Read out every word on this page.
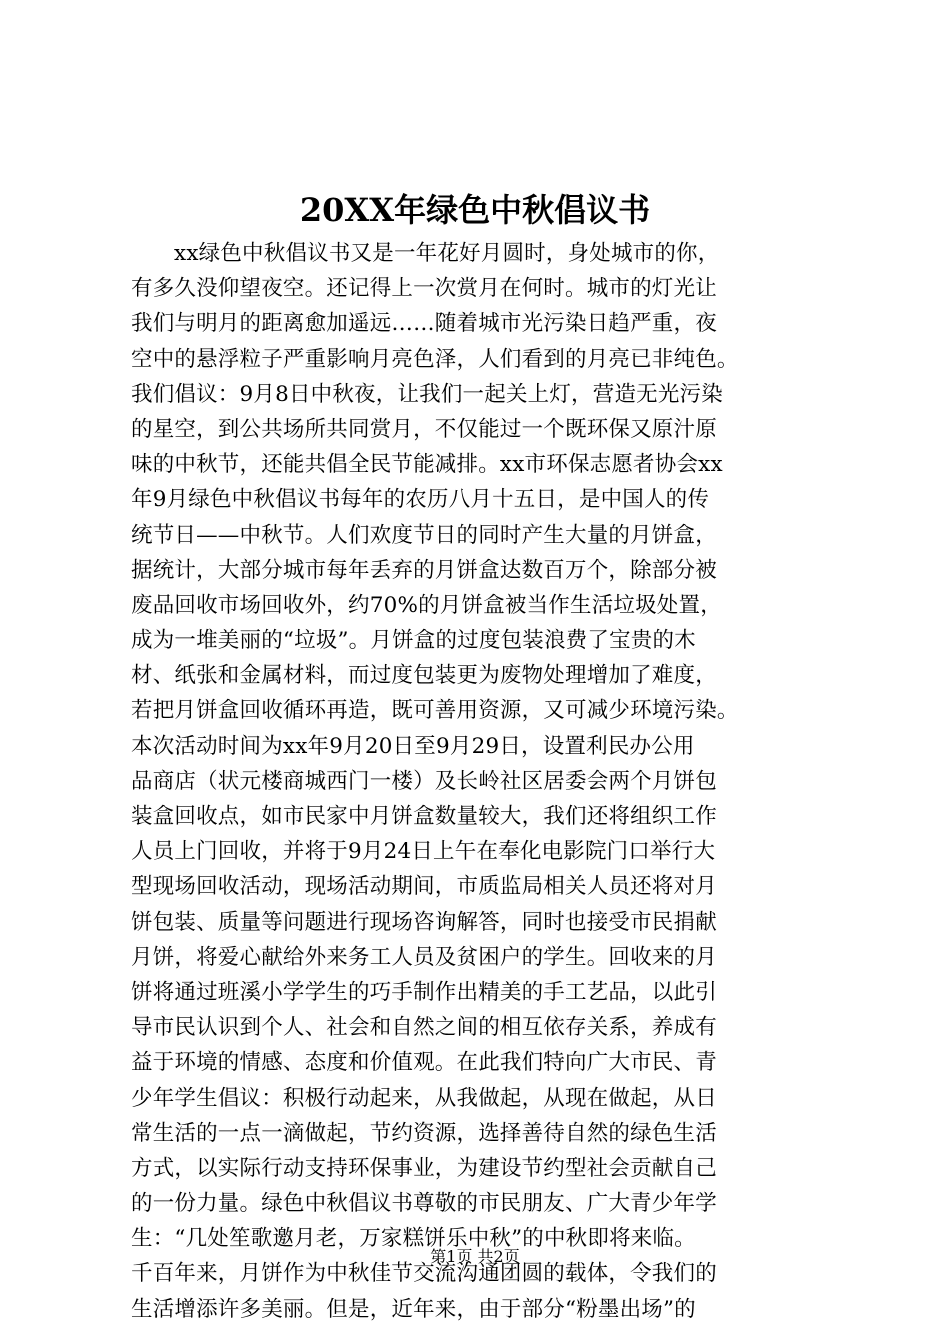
20XX年绿色中秋倡议书
xx绿色中秋倡议书又是一年花好月圆时，身处城市的你，
有多久没仰望夜空。还记得上一次赏月在何时。城市的灯光让
我们与明月的距离愈加遥远……随着城市光污染日趋严重，夜
空中的悬浮粒子严重影响月亮色泽，人们看到的月亮已非纯色。
我们倡议：9月8日中秋夜，让我们一起关上灯，营造无光污染
的星空，到公共场所共同赏月，不仅能过一个既环保又原汁原
味的中秋节，还能共倡全民节能减排。xx市环保志愿者协会xx
年9月绿色中秋倡议书每年的农历八月十五日，是中国人的传
统节日——中秋节。人们欢度节日的同时产生大量的月饼盒，
据统计，大部分城市每年丢弃的月饼盒达数百万个，除部分被
废品回收市场回收外，约70%的月饼盒被当作生活垃圾处置，
成为一堆美丽的“垃圾”。月饼盒的过度包装浪费了宝贵的木
材、纸张和金属材料，而过度包装更为废物处理增加了难度，
若把月饼盒回收循环再造，既可善用资源，又可减少环境污染。
本次活动时间为xx年9月20日至9月29日，设置利民办公用
品商店（状元楼商城西门一楼）及长岭社区居委会两个月饼包
装盒回收点，如市民家中月饼盒数量较大，我们还将组织工作
人员上门回收，并将于9月24日上午在奉化电影院门口举行大
型现场回收活动，现场活动期间，市质监局相关人员还将对月
饼包装、质量等问题进行现场咨询解答，同时也接受市民捐献
月饼，将爱心献给外来务工人员及贫困户的学生。回收来的月
饼将通过班溪小学学生的巧手制作出精美的手工艺品，以此引
导市民认识到个人、社会和自然之间的相互依存关系，养成有
益于环境的情感、态度和价值观。在此我们特向广大市民、青
少年学生倡议：积极行动起来，从我做起，从现在做起，从日
常生活的一点一滴做起，节约资源，选择善待自然的绿色生活
方式，以实际行动支持环保事业，为建设节约型社会贡献自己
的一份力量。绿色中秋倡议书尊敬的市民朋友、广大青少年学
生：“几处笙歌邀月老，万家糕饼乐中秋”的中秋即将来临。
千百年来，月饼作为中秋佳节交流沟通团圆的载体，令我们的
生活增添许多美丽。但是，近年来，由于部分“粉墨出场”的
第1页 共2页
